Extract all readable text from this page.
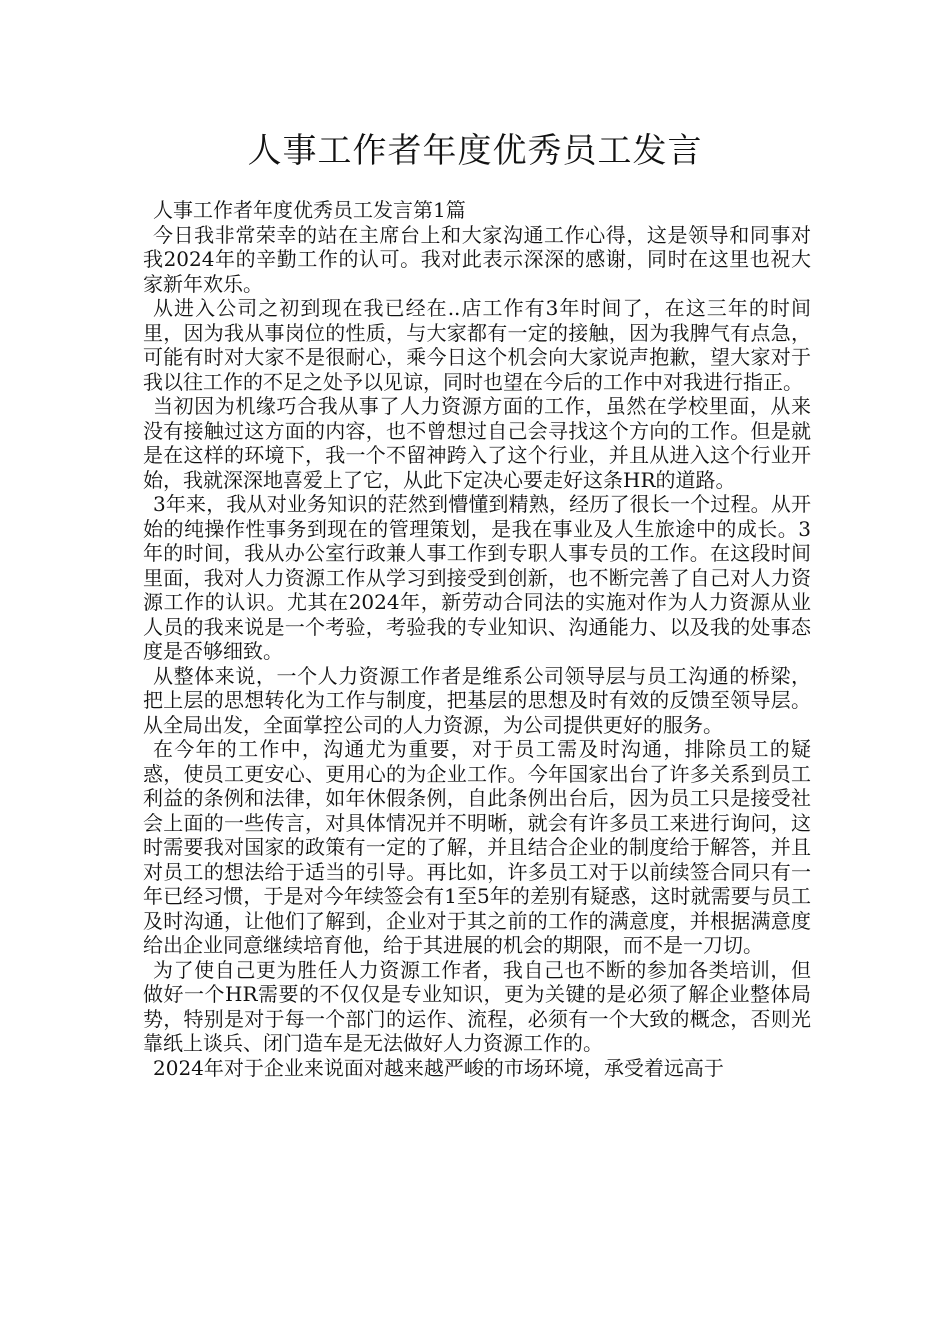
人事工作者年度优秀员工发言

人事工作者年度优秀员工发言第1篇

今日我非常荣幸的站在主席台上和大家沟通工作心得，这是领导和同事对我2024年的辛勤工作的认可。我对此表示深深的感谢，同时在这里也祝大家新年欢乐。

从进入公司之初到现在我已经在..店工作有3年时间了，在这三年的时间里，因为我从事岗位的性质，与大家都有一定的接触，因为我脾气有点急，可能有时对大家不是很耐心，乘今日这个机会向大家说声抱歉，望大家对于我以往工作的不足之处予以见谅，同时也望在今后的工作中对我进行指正。

当初因为机缘巧合我从事了人力资源方面的工作，虽然在学校里面，从来没有接触过这方面的内容，也不曾想过自己会寻找这个方向的工作。但是就是在这样的环境下，我一个不留神跨入了这个行业，并且从进入这个行业开始，我就深深地喜爱上了它，从此下定决心要走好这条HR的道路。

3年来，我从对业务知识的茫然到懵懂到精熟，经历了很长一个过程。从开始的纯操作性事务到现在的管理策划，是我在事业及人生旅途中的成长。3年的时间，我从办公室行政兼人事工作到专职人事专员的工作。在这段时间里面，我对人力资源工作从学习到接受到创新，也不断完善了自己对人力资源工作的认识。尤其在2024年，新劳动合同法的实施对作为人力资源从业人员的我来说是一个考验，考验我的专业知识、沟通能力、以及我的处事态度是否够细致。

从整体来说，一个人力资源工作者是维系公司领导层与员工沟通的桥梁，把上层的思想转化为工作与制度，把基层的思想及时有效的反馈至领导层。从全局出发，全面掌控公司的人力资源，为公司提供更好的服务。

在今年的工作中，沟通尤为重要，对于员工需及时沟通，排除员工的疑惑，使员工更安心、更用心的为企业工作。今年国家出台了许多关系到员工利益的条例和法律，如年休假条例，自此条例出台后，因为员工只是接受社会上面的一些传言，对具体情况并不明晰，就会有许多员工来进行询问，这时需要我对国家的政策有一定的了解，并且结合企业的制度给于解答，并且对员工的想法给于适当的引导。再比如，许多员工对于以前续签合同只有一年已经习惯，于是对今年续签会有1至5年的差别有疑惑，这时就需要与员工及时沟通，让他们了解到，企业对于其之前的工作的满意度，并根据满意度给出企业同意继续培育他，给于其进展的机会的期限，而不是一刀切。

为了使自己更为胜任人力资源工作者，我自己也不断的参加各类培训，但做好一个HR需要的不仅仅是专业知识，更为关键的是必须了解企业整体局势，特别是对于每一个部门的运作、流程，必须有一个大致的概念，否则光靠纸上谈兵、闭门造车是无法做好人力资源工作的。

2024年对于企业来说面对越来越严峻的市场环境，承受着远高于
